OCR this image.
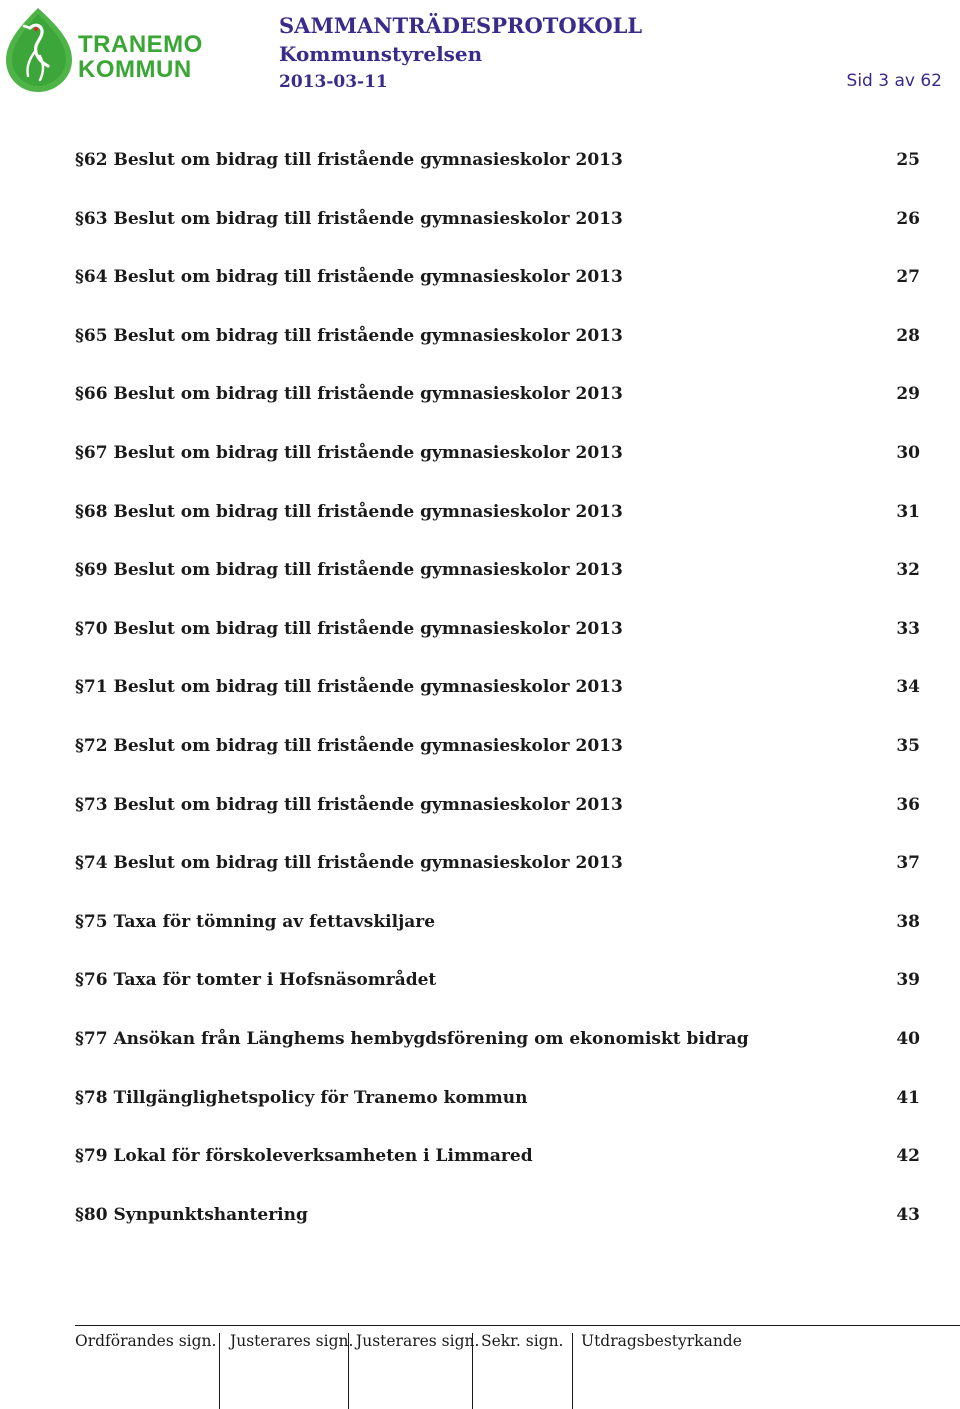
TRANEMO
KOMMUN
SAMMANTRÄDESPROTOKOLL
Kommunstyrelsen
2013-03-11	Sid 3 av 62
§62 Beslut om bidrag till fristående gymnasieskolor 2013	25
§63 Beslut om bidrag till fristående gymnasieskolor 2013	26
§64 Beslut om bidrag till fristående gymnasieskolor 2013	27
§65 Beslut om bidrag till fristående gymnasieskolor 2013	28
§66 Beslut om bidrag till fristående gymnasieskolor 2013	29
§67 Beslut om bidrag till fristående gymnasieskolor 2013	30
§68 Beslut om bidrag till fristående gymnasieskolor 2013	31
§69 Beslut om bidrag till fristående gymnasieskolor 2013	32
§70 Beslut om bidrag till fristående gymnasieskolor 2013	33
§71 Beslut om bidrag till fristående gymnasieskolor 2013	34
§72 Beslut om bidrag till fristående gymnasieskolor 2013	35
§73 Beslut om bidrag till fristående gymnasieskolor 2013	36
§74 Beslut om bidrag till fristående gymnasieskolor 2013	37
§75 Taxa för tömning av fettavskiljare	38
§76 Taxa för tomter i Hofsnäsområdet	39
§77 Ansökan från Länghems hembygdsförening om ekonomiskt bidrag	40
§78 Tillgänglighetspolicy för Tranemo kommun	41
§79 Lokal för förskoleverksamheten i Limmared	42
§80 Synpunktshantering	43
Ordförandes sign. Justerares sign. Justerares sign. Sekr. sign. Utdragsbestyrkande
